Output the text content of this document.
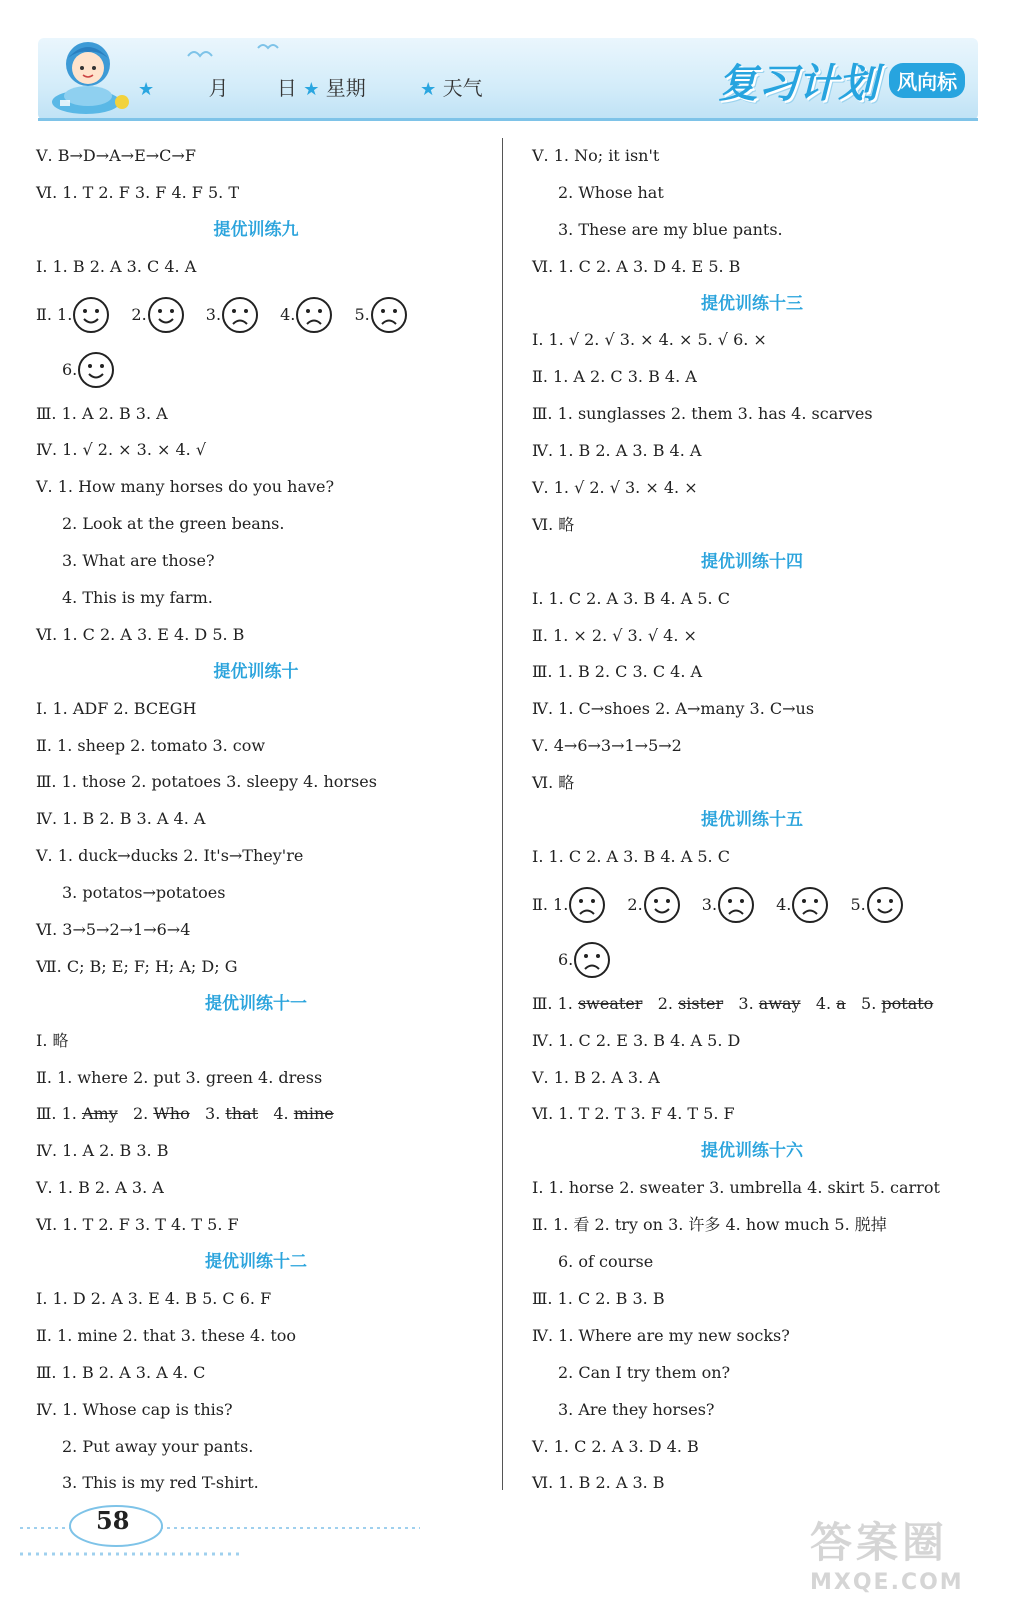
★	月 日 ★ 星期	★ 天气	复习计划 风向标
Ⅴ. B→D→A→E→C→F
Ⅵ. 1. T 2. F 3. F 4. F 5. T
提优训练九
Ⅰ. 1. B 2. A 3. C 4. A
Ⅱ. 1.	2.	3.	4.	5.
6.
Ⅲ. 1. A 2. B 3. A
Ⅳ. 1. √ 2. × 3. × 4. √
Ⅴ. 1. How many horses do you have?
2. Look at the green beans.
3. What are those?
4. This is my farm.
Ⅵ. 1. C 2. A 3. E 4. D 5. B
提优训练十
Ⅰ. 1. ADF 2. BCEGH
Ⅱ. 1. sheep 2. tomato 3. cow
Ⅲ. 1. those 2. potatoes 3. sleepy 4. horses
Ⅳ. 1. B 2. B 3. A 4. A
Ⅴ. 1. duck→ducks 2. It's→They're
3. potatos→potatoes
Ⅵ. 3→5→2→1→6→4
Ⅶ. C; B; E; F; H; A; D; G
提优训练十一
Ⅰ. 略
Ⅱ. 1. where 2. put 3. green 4. dress
Ⅲ. 1. Amy 2. Who 3. that 4. mine
Ⅳ. 1. A 2. B 3. B
Ⅴ. 1. B 2. A 3. A
Ⅵ. 1. T 2. F 3. T 4. T 5. F
提优训练十二
Ⅰ. 1. D 2. A 3. E 4. B 5. C 6. F
Ⅱ. 1. mine 2. that 3. these 4. too
Ⅲ. 1. B 2. A 3. A 4. C
Ⅳ. 1. Whose cap is this?
2. Put away your pants.
3. This is my red T-shirt.
Ⅴ. 1. No; it isn't
2. Whose hat
3. These are my blue pants.
Ⅵ. 1. C 2. A 3. D 4. E 5. B
提优训练十三
Ⅰ. 1. √ 2. √ 3. × 4. × 5. √ 6. ×
Ⅱ. 1. A 2. C 3. B 4. A
Ⅲ. 1. sunglasses 2. them 3. has 4. scarves
Ⅳ. 1. B 2. A 3. B 4. A
Ⅴ. 1. √ 2. √ 3. × 4. ×
Ⅵ. 略
提优训练十四
Ⅰ. 1. C 2. A 3. B 4. A 5. C
Ⅱ. 1. × 2. √ 3. √ 4. ×
Ⅲ. 1. B 2. C 3. C 4. A
Ⅳ. 1. C→shoes 2. A→many 3. C→us
Ⅴ. 4→6→3→1→5→2
Ⅵ. 略
提优训练十五
Ⅰ. 1. C 2. A 3. B 4. A 5. C
Ⅱ. 1.	2.	3.	4.	5.
6.
Ⅲ. 1. sweater 2. sister 3. away 4. a 5. potato
Ⅳ. 1. C 2. E 3. B 4. A 5. D
Ⅴ. 1. B 2. A 3. A
Ⅵ. 1. T 2. T 3. F 4. T 5. F
提优训练十六
Ⅰ. 1. horse 2. sweater 3. umbrella 4. skirt 5. carrot
Ⅱ. 1. 看 2. try on 3. 许多 4. how much 5. 脱掉
6. of course
Ⅲ. 1. C 2. B 3. B
Ⅳ. 1. Where are my new socks?
2. Can I try them on?
3. Are they horses?
Ⅴ. 1. C 2. A 3. D 4. B
Ⅵ. 1. B 2. A 3. B
58	答案圈
MXQE.COM
